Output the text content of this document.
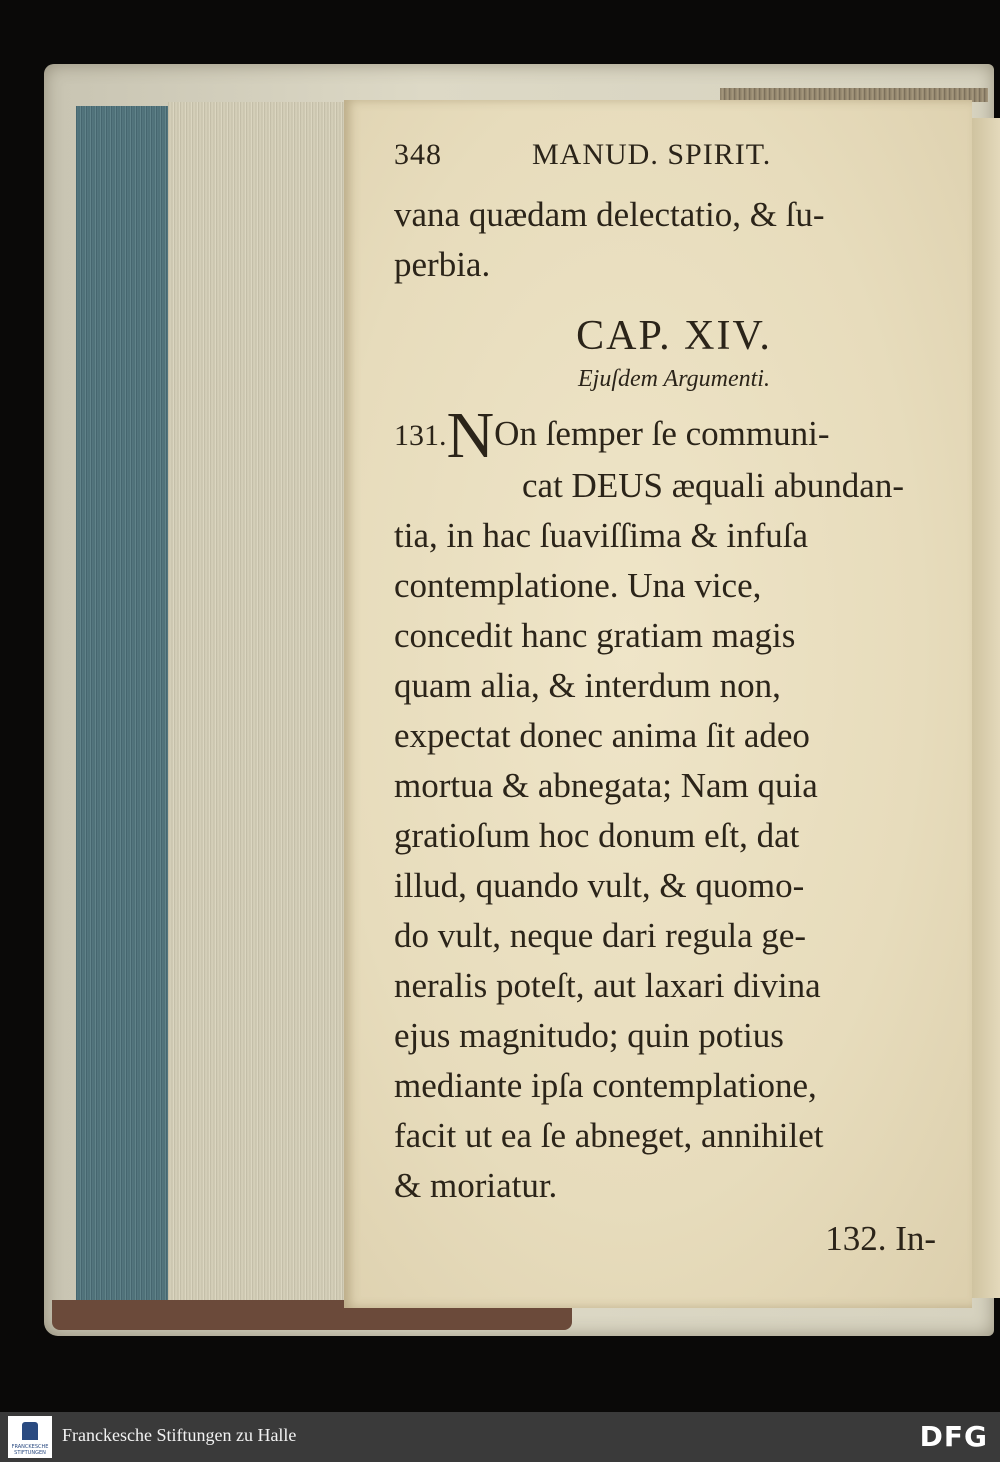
348	MANUD. SPIRIT.
vana quædam delectatio, & ſu-
perbia.
CAP. XIV.
Ejuſdem Argumenti.
131.NOn ſemper ſe communi-
cat DEUS æquali abundan-
tia, in hac ſuaviſſima & infuſa
contemplatione. Una vice,
concedit hanc gratiam magis
quam alia, & interdum non,
expectat donec anima ſit adeo
mortua & abnegata; Nam quia
gratioſum hoc donum eſt, dat
illud, quando vult, & quomo-
do vult, neque dari regula ge-
neralis poteſt, aut laxari divina
ejus magnitudo; quin potius
mediante ipſa contemplatione,
facit ut ea ſe abneget, annihilet
& moriatur.
132. In-
FRANCKESCHE STIFTUNGEN
Franckesche Stiftungen zu Halle	DFG
